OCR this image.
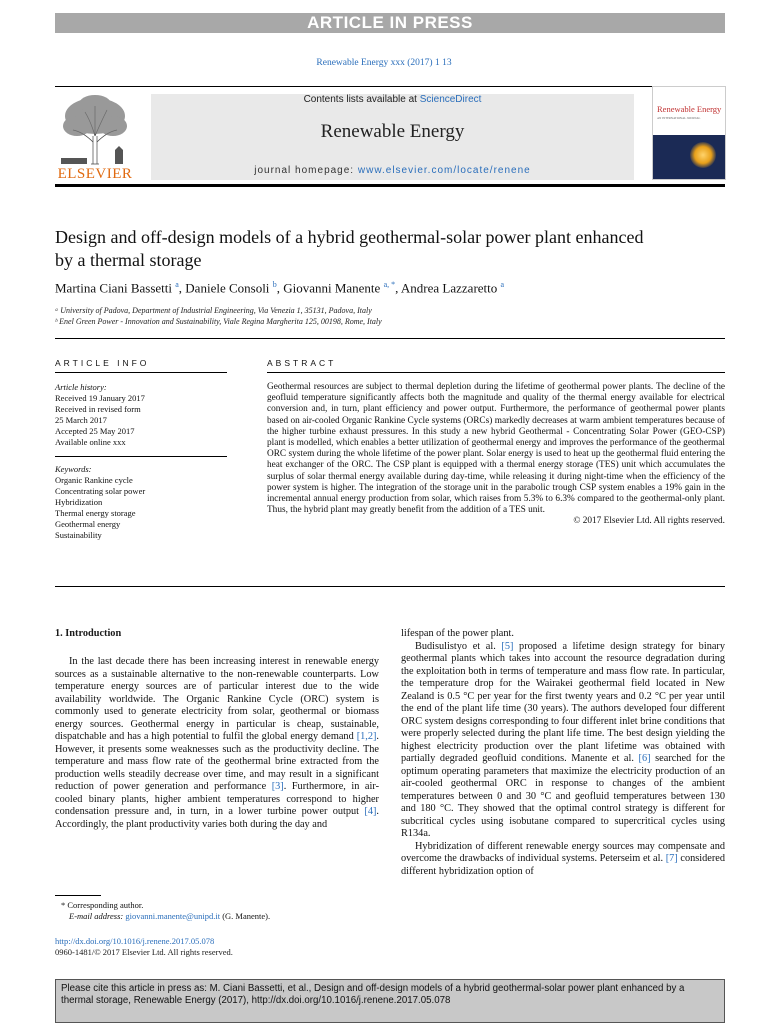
ARTICLE IN PRESS
Renewable Energy xxx (2017) 1 13
ELSEVIER
Contents lists available at ScienceDirect
Renewable Energy
journal homepage: www.elsevier.com/locate/renene
Renewable Energy
AN INTERNATIONAL JOURNAL
Design and off-design models of a hybrid geothermal-solar power plant enhanced by a thermal storage
Martina Ciani Bassetti $^a$, Daniele Consoli $^b$, Giovanni Manente $^{a, *}$, Andrea Lazzaretto $^a$
ᵃ University of Padova, Department of Industrial Engineering, Via Venezia 1, 35131, Padova, Italy
ᵇ Enel Green Power - Innovation and Sustainability, Viale Regina Margherita 125, 00198, Rome, Italy
ARTICLE INFO
Article history:
Received 19 January 2017
Received in revised form
25 March 2017
Accepted 25 May 2017
Available online xxx
Keywords:
Organic Rankine cycle
Concentrating solar power
Hybridization
Thermal energy storage
Geothermal energy
Sustainability
ABSTRACT
Geothermal resources are subject to thermal depletion during the lifetime of geothermal power plants. The decline of the geofluid temperature significantly affects both the magnitude and quality of the thermal energy available for electrical conversion and, in turn, plant efficiency and power output. Furthermore, the performance of geothermal power plants based on air-cooled Organic Rankine Cycle systems (ORCs) markedly decreases at warm ambient temperatures because of the higher turbine exhaust pressures. In this study a new hybrid Geothermal - Concentrating Solar Power (GEO-CSP) plant is modelled, which enables a better utilization of geothermal energy and improves the performance of the geothermal ORC system during the whole lifetime of the power plant. Solar energy is used to heat up the geothermal fluid entering the heat exchanger of the ORC. The CSP plant is equipped with a thermal energy storage (TES) unit which accumulates the surplus of solar thermal energy available during day-time, while releasing it during night-time when the efficiency of the power system is higher. The integration of the storage unit in the parabolic trough CSP system enables a 19% gain in the incremental annual energy production from solar, which raises from 5.3% to 6.3% compared to the geothermal-only plant. Thus, the hybrid plant may greatly benefit from the addition of a TES unit.
© 2017 Elsevier Ltd. All rights reserved.
1. Introduction

In the last decade there has been increasing interest in renewable energy sources as a sustainable alternative to the non-renewable counterparts. Low temperature energy sources are of particular interest due to the wide availability worldwide. The Organic Rankine Cycle (ORC) system is commonly used to generate electricity from solar, geothermal or biomass energy sources. Geothermal energy in particular is cheap, sustainable, dispatchable and has a high potential to fulfil the global energy demand [1,2]. However, it presents some weaknesses such as the productivity decline. The temperature and mass flow rate of the geothermal brine extracted from the production wells steadily decrease over time, and may result in a significant reduction of power generation and performance [3]. Furthermore, in air-cooled binary plants, higher ambient temperatures correspond to higher condensation pressure and, in turn, in a lower turbine power output [4]. Accordingly, the plant productivity varies both during the day and

lifespan of the power plant.

Budisulistyo et al. [5] proposed a lifetime design strategy for binary geothermal plants which takes into account the resource degradation during the exploitation both in terms of temperature and mass flow rate. In particular, the temperature drop for the Wairakei geothermal field located in New Zealand is 0.5 °C per year for the first twenty years and 0.2 °C per year until the end of the plant life time (30 years). The authors developed four different ORC system designs corresponding to four different inlet brine conditions that were properly selected during the plant life time. The best design yielding the highest electricity production over the plant lifetime was obtained with partially degraded geofluid conditions. Manente et al. [6] searched for the optimum operating parameters that maximize the electricity production of an air-cooled geothermal ORC in response to changes of the ambient temperatures between 0 and 30 °C and geofluid temperatures between 130 and 180 °C. They showed that the optimal control strategy is different for subcritical cycles using isobutane compared to supercritical cycles using R134a.

Hybridization of different renewable energy sources may compensate and overcome the drawbacks of individual systems. Peterseim et al. [7] considered different hybridization option of

* Corresponding author.
E-mail address: giovanni.manente@unipd.it (G. Manente).
http://dx.doi.org/10.1016/j.renene.2017.05.078
0960-1481/© 2017 Elsevier Ltd. All rights reserved.
Please cite this article in press as: M. Ciani Bassetti, et al., Design and off-design models of a hybrid geothermal-solar power plant enhanced by a thermal storage, Renewable Energy (2017), http://dx.doi.org/10.1016/j.renene.2017.05.078
